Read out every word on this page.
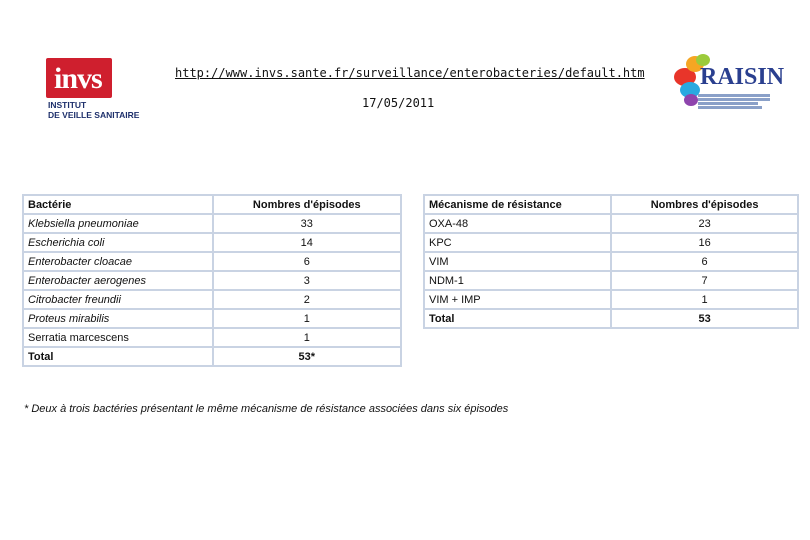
invs
INSTITUT
DE VEILLE SANITAIRE
http://www.invs.sante.fr/surveillance/enterobacteries/default.htm
17/05/2011
RAISIN
Bactérie	Nombres d'épisodes
Klebsiella pneumoniae	33
Escherichia coli	14
Enterobacter cloacae	6
Enterobacter aerogenes	3
Citrobacter freundii	2
Proteus mirabilis	1
Serratia marcescens	1
Total	53*
Mécanisme de résistance	Nombres d'épisodes
OXA-48	23
KPC	16
VIM	6
NDM-1	7
VIM + IMP	1
Total	53
* Deux à trois bactéries présentant le même mécanisme de résistance associées dans six épisodes
